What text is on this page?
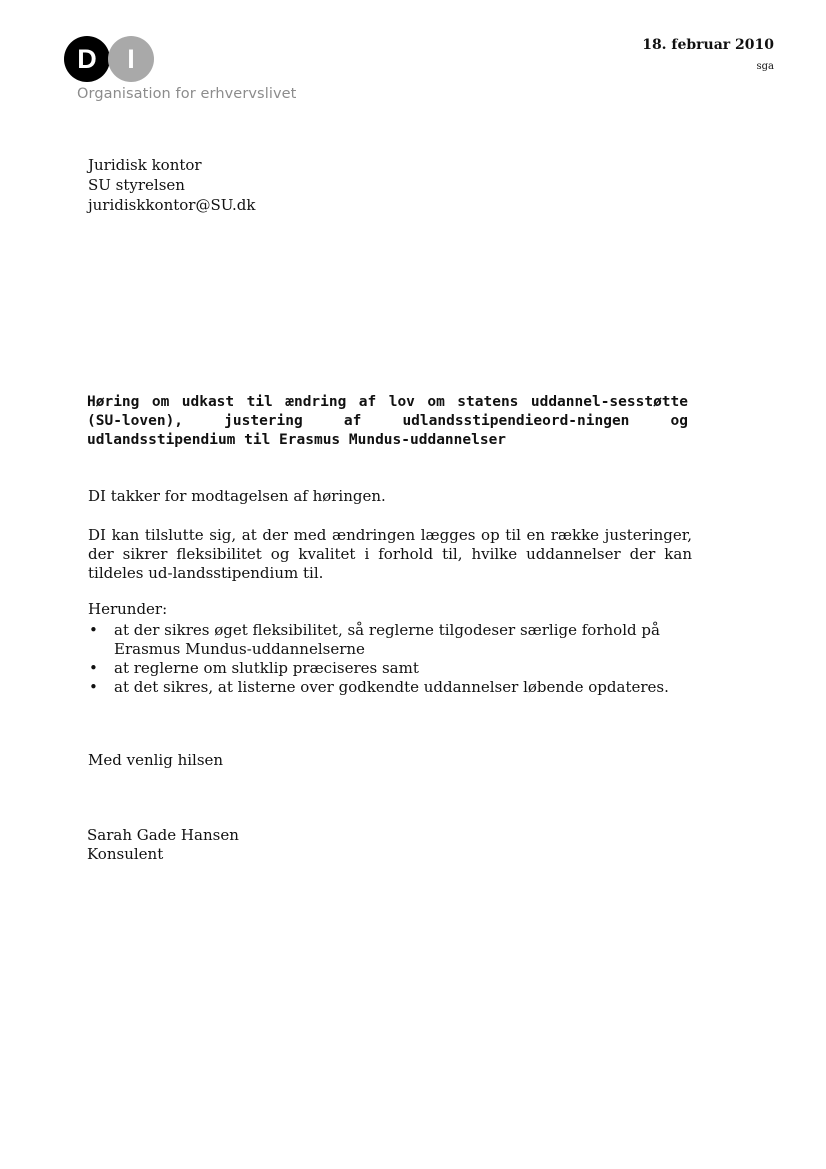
D	I
Organisation for erhvervslivet
18. februar 2010
sga
Juridisk kontor
SU styrelsen
juridiskkontor@SU.dk
Høring om udkast til ændring af lov om statens uddannel-sesstøtte (SU-loven), justering af udlandsstipendieord-ningen og udlandsstipendium til Erasmus Mundus-uddannelser
DI takker for modtagelsen af høringen.
DI kan tilslutte sig, at der med ændringen lægges op til en række justeringer, der sikrer fleksibilitet og kvalitet i forhold til, hvilke uddannelser der kan tildeles ud-landsstipendium til.
Herunder:
• at der sikres øget fleksibilitet, så reglerne tilgodeser særlige forhold på Erasmus Mundus-uddannelserne
• at reglerne om slutklip præciseres samt
• at det sikres, at listerne over godkendte uddannelser løbende opdateres.
Med venlig hilsen
Sarah Gade Hansen
Konsulent
